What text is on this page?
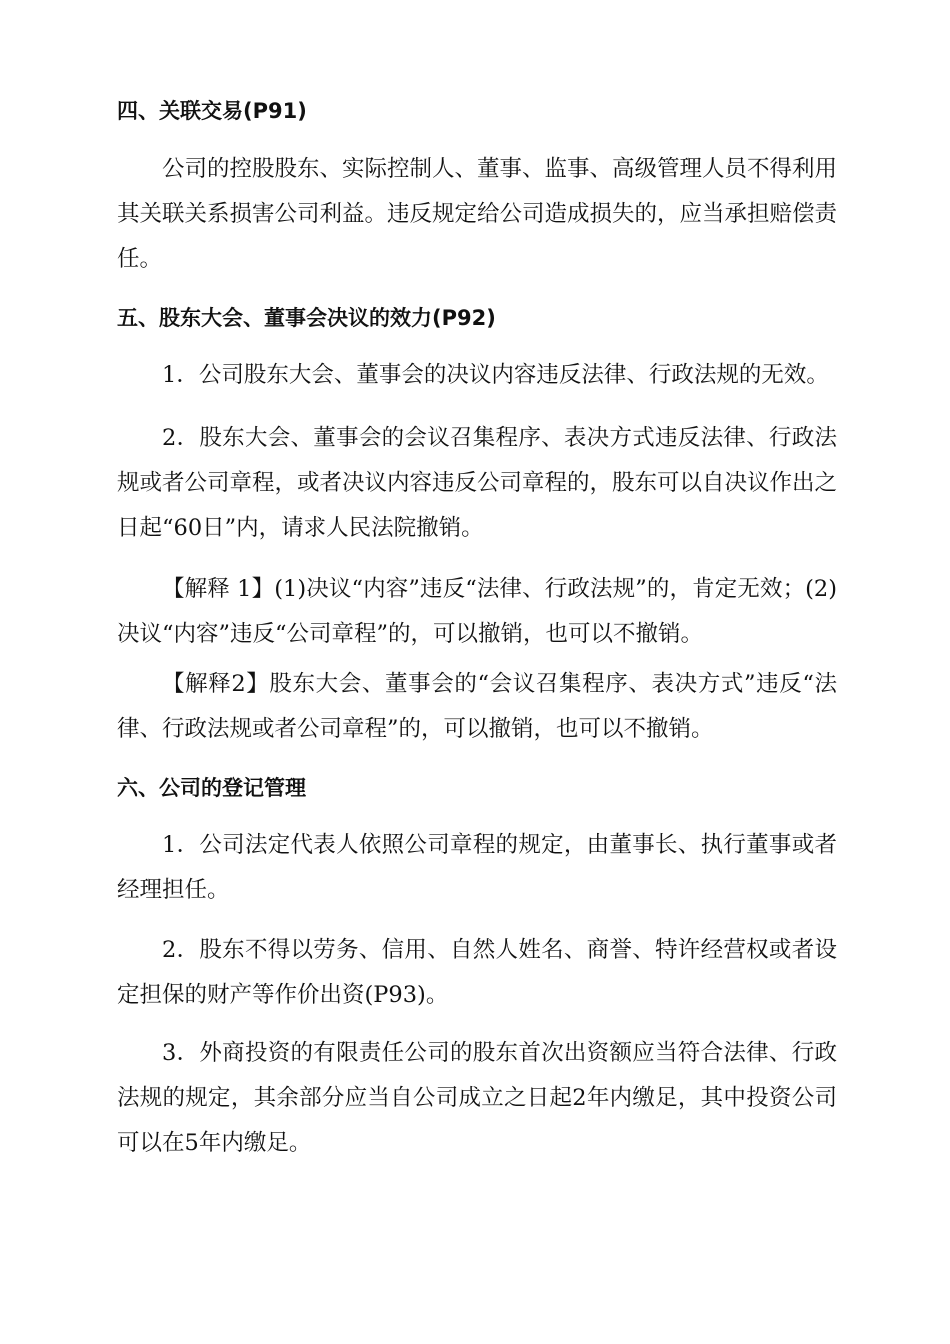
四、关联交易(P91)

公司的控股股东、实际控制人、董事、监事、高级管理人员不得利用其关联关系损害公司利益。违反规定给公司造成损失的，应当承担赔偿责任。

五、股东大会、董事会决议的效力(P92)

1．公司股东大会、董事会的决议内容违反法律、行政法规的无效。

2．股东大会、董事会的会议召集程序、表决方式违反法律、行政法规或者公司章程，或者决议内容违反公司章程的，股东可以自决议作出之日起“60日”内，请求人民法院撤销。

【解释 1】(1)决议“内容”违反“法律、行政法规”的，肯定无效；(2)决议“内容”违反“公司章程”的，可以撤销，也可以不撤销。

【解释2】股东大会、董事会的“会议召集程序、表决方式”违反“法律、行政法规或者公司章程”的，可以撤销，也可以不撤销。

六、公司的登记管理

1．公司法定代表人依照公司章程的规定，由董事长、执行董事或者经理担任。

2．股东不得以劳务、信用、自然人姓名、商誉、特许经营权或者设定担保的财产等作价出资(P93)。

3．外商投资的有限责任公司的股东首次出资额应当符合法律、行政法规的规定，其余部分应当自公司成立之日起2年内缴足，其中投资公司可以在5年内缴足。
